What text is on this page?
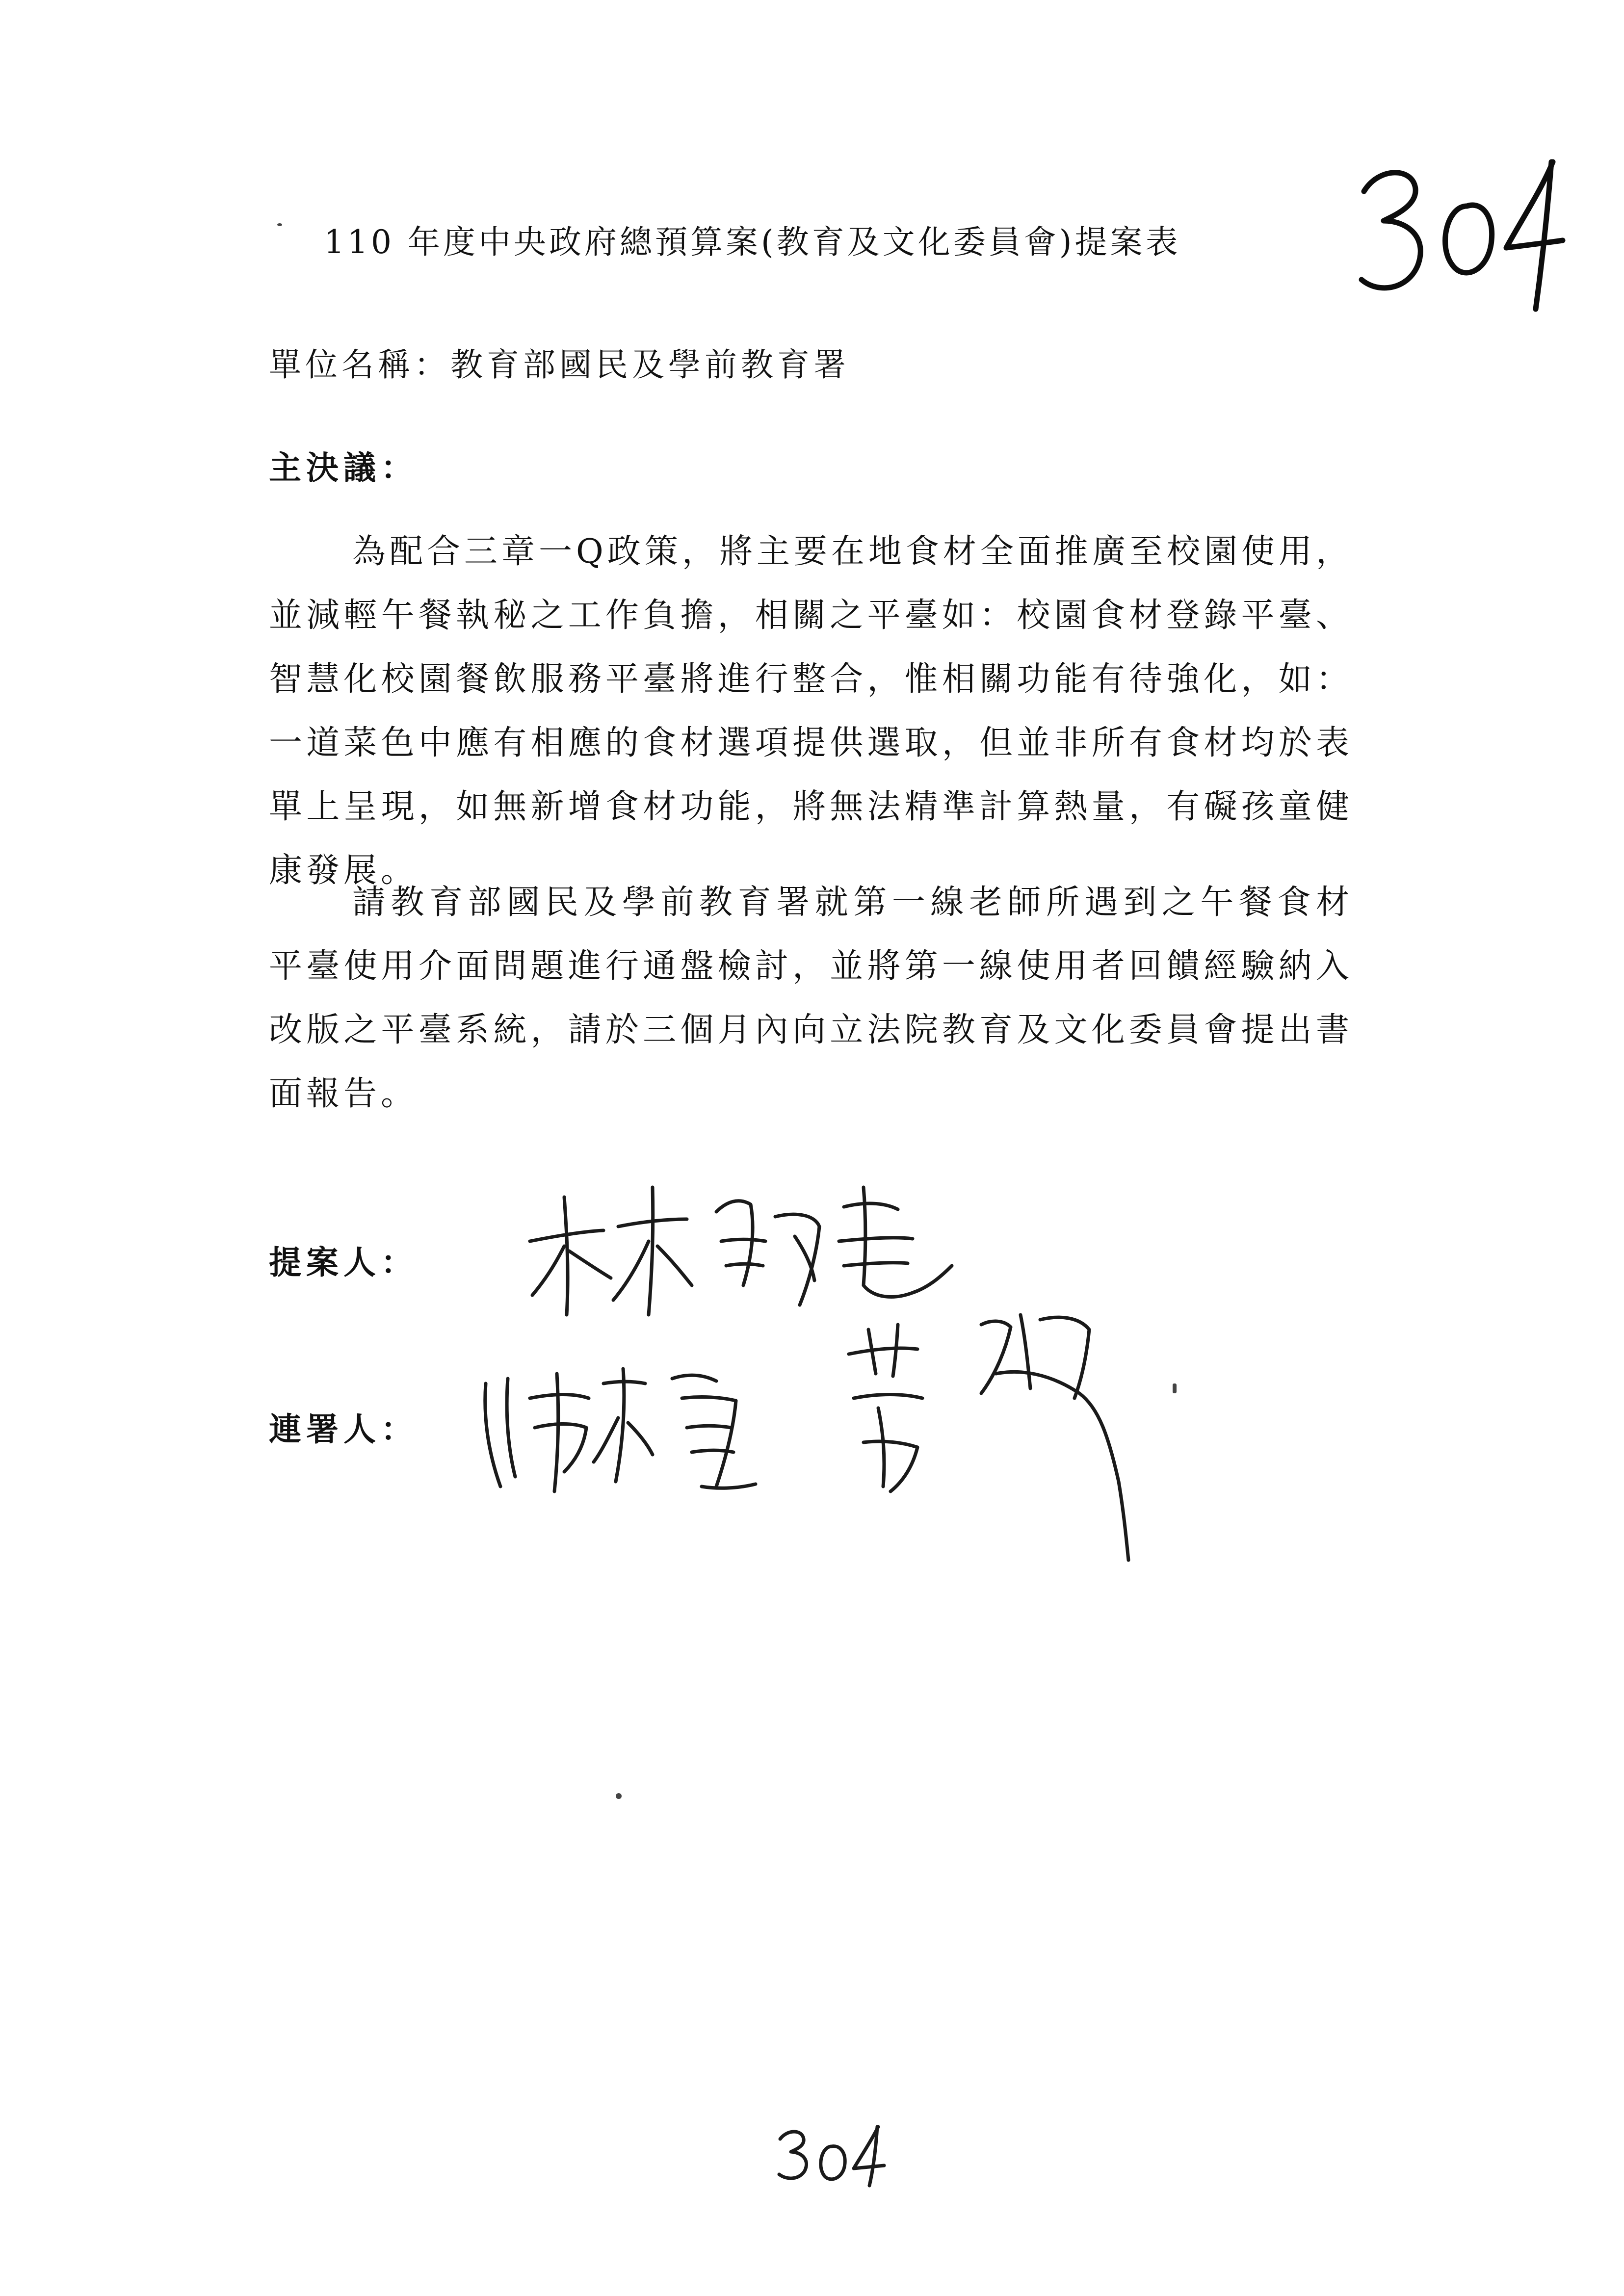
110 年度中央政府總預算案(教育及文化委員會)提案表
單位名稱：教育部國民及學前教育署
主決議：
為配合三章一Q政策，將主要在地食材全面推廣至校園使用，並減輕午餐執秘之工作負擔，相關之平臺如：校園食材登錄平臺、智慧化校園餐飲服務平臺將進行整合，惟相關功能有待強化，如：一道菜色中應有相應的食材選項提供選取，但並非所有食材均於表單上呈現，如無新增食材功能，將無法精準計算熱量，有礙孩童健康發展。
請教育部國民及學前教育署就第一線老師所遇到之午餐食材平臺使用介面問題進行通盤檢討，並將第一線使用者回饋經驗納入改版之平臺系統，請於三個月內向立法院教育及文化委員會提出書面報告。
提案人：
連署人：
